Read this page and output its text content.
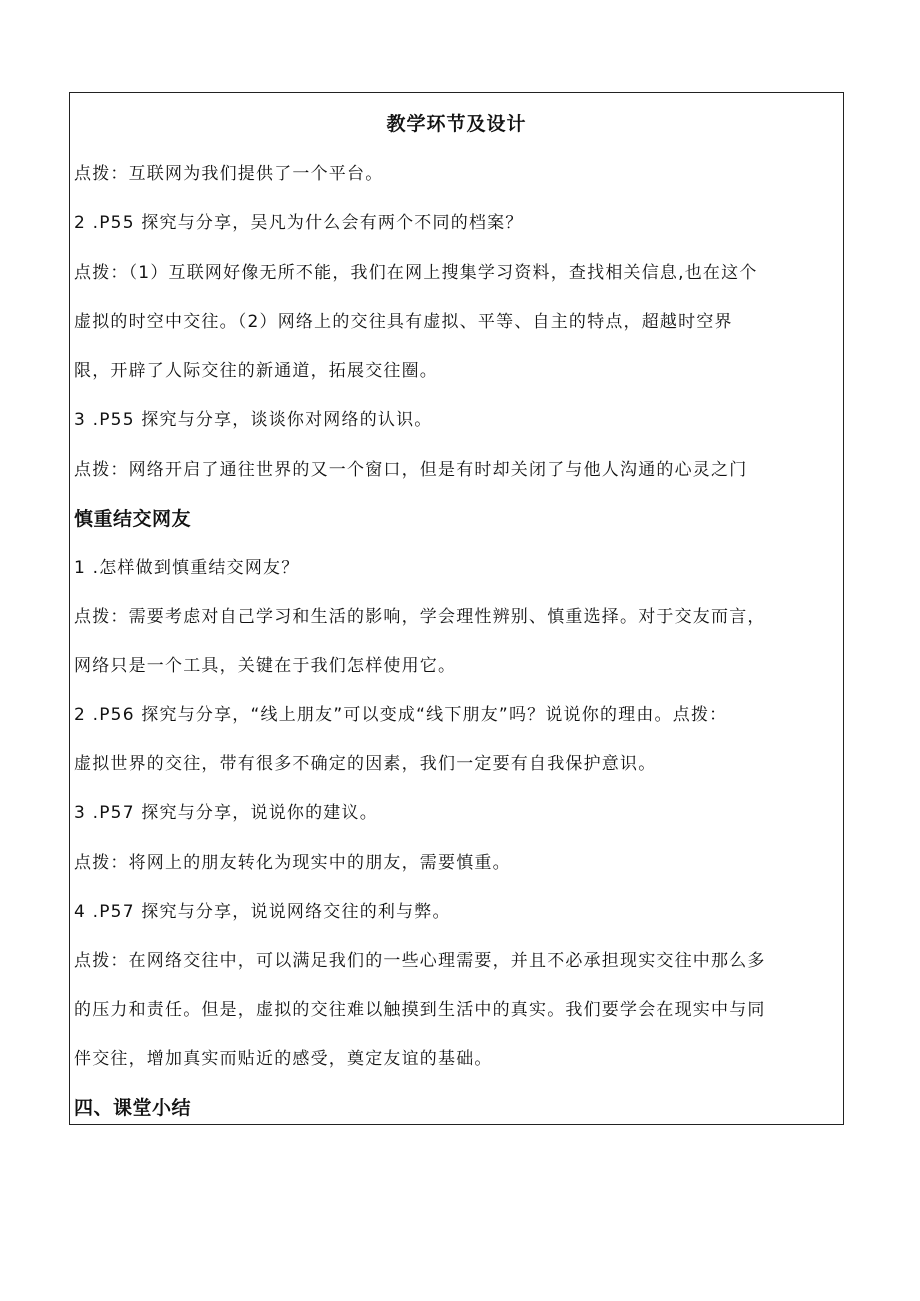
教学环节及设计
点拨：互联网为我们提供了一个平台。
2 .P55 探究与分享，吴凡为什么会有两个不同的档案？
点拨：（1）互联网好像无所不能，我们在网上搜集学习资料，查找相关信息,也在这个
虚拟的时空中交往。（2）网络上的交往具有虚拟、平等、自主的特点，超越时空界
限，开辟了人际交往的新通道，拓展交往圈。
3 .P55 探究与分享，谈谈你对网络的认识。
点拨：网络开启了通往世界的又一个窗口，但是有时却关闭了与他人沟通的心灵之门
慎重结交网友
1 .怎样做到慎重结交网友？
点拨：需要考虑对自己学习和生活的影响，学会理性辨别、慎重选择。对于交友而言，
网络只是一个工具，关键在于我们怎样使用它。
2 .P56 探究与分享，“线上朋友”可以变成“线下朋友”吗？说说你的理由。点拨：
虚拟世界的交往，带有很多不确定的因素，我们一定要有自我保护意识。
3 .P57 探究与分享，说说你的建议。
点拨：将网上的朋友转化为现实中的朋友，需要慎重。
4 .P57 探究与分享，说说网络交往的利与弊。
点拨：在网络交往中，可以满足我们的一些心理需要，并且不必承担现实交往中那么多
的压力和责任。但是，虚拟的交往难以触摸到生活中的真实。我们要学会在现实中与同
伴交往，增加真实而贴近的感受，奠定友谊的基础。
四、课堂小结
